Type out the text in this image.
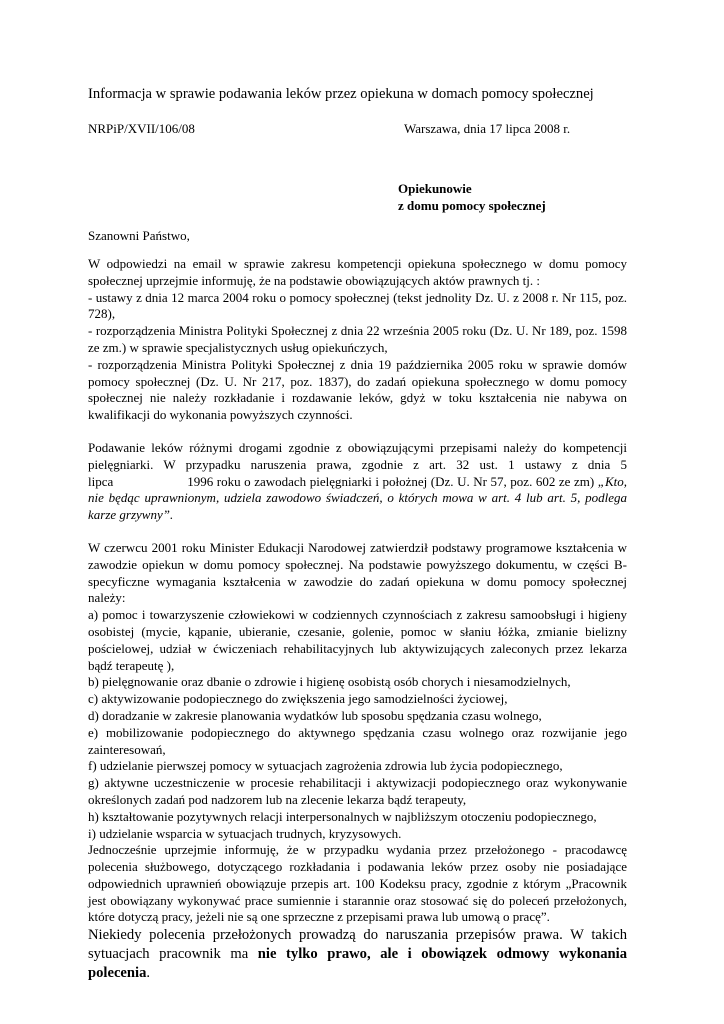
Informacja w sprawie podawania leków przez opiekuna w domach pomocy społecznej
NRPiP/XVII/106/08	Warszawa, dnia 17 lipca 2008 r.
Opiekunowie
z domu pomocy społecznej
Szanowni Państwo,

W odpowiedzi na email w sprawie zakresu kompetencji opiekuna społecznego w domu pomocy społecznej uprzejmie informuję, że na podstawie obowiązujących aktów prawnych tj. :
- ustawy z dnia 12 marca 2004 roku o pomocy społecznej (tekst jednolity Dz. U. z 2008 r. Nr 115, poz. 728),
- rozporządzenia Ministra Polityki Społecznej z dnia 22 września 2005 roku (Dz. U. Nr 189, poz. 1598 ze zm.) w sprawie specjalistycznych usług opiekuńczych,
- rozporządzenia Ministra Polityki Społecznej z dnia 19 października 2005 roku w sprawie domów pomocy społecznej (Dz. U. Nr 217, poz. 1837), do zadań opiekuna społecznego w domu pomocy społecznej nie należy rozkładanie i rozdawanie leków, gdyż w toku kształcenia nie nabywa on kwalifikacji do wykonania powyższych czynności.

Podawanie leków różnymi drogami zgodnie z obowiązującymi przepisami należy do kompetencji
pielęgniarki. W przypadku naruszenia prawa, zgodnie z art. 32 ust. 1 ustawy z dnia 5
lipca	1996 roku o zawodach pielęgniarki i położnej (Dz. U. Nr 57, poz. 602 ze zm) „Kto, nie będąc uprawnionym, udziela zawodowo świadczeń, o których mowa w art. 4 lub art. 5, podlega karze grzywny”.

W czerwcu 2001 roku Minister Edukacji Narodowej zatwierdził podstawy programowe kształcenia w zawodzie opiekun w domu pomocy społecznej. Na podstawie powyższego dokumentu, w części B-specyficzne wymagania kształcenia w zawodzie do zadań opiekuna w domu pomocy społecznej należy:
a) pomoc i towarzyszenie człowiekowi w codziennych czynnościach z zakresu samoobsługi i higieny osobistej (mycie, kąpanie, ubieranie, czesanie, golenie, pomoc w słaniu łóżka, zmianie bielizny pościelowej, udział w ćwiczeniach rehabilitacyjnych lub aktywizujących zaleconych przez lekarza bądź terapeutę ),
b) pielęgnowanie oraz dbanie o zdrowie i higienę osobistą osób chorych i niesamodzielnych,
c) aktywizowanie podopiecznego do zwiększenia jego samodzielności życiowej,
d) doradzanie w zakresie planowania wydatków lub sposobu spędzania czasu wolnego,
e) mobilizowanie podopiecznego do aktywnego spędzania czasu wolnego oraz rozwijanie jego zainteresowań,
f) udzielanie pierwszej pomocy w sytuacjach zagrożenia zdrowia lub życia podopiecznego,
g) aktywne uczestniczenie w procesie rehabilitacji i aktywizacji podopiecznego oraz wykonywanie określonych zadań pod nadzorem lub na zlecenie lekarza bądź terapeuty,
h) kształtowanie pozytywnych relacji interpersonalnych w najbliższym otoczeniu podopiecznego,
i) udzielanie wsparcia w sytuacjach trudnych, kryzysowych.
Jednocześnie uprzejmie informuję, że w przypadku wydania przez przełożonego - pracodawcę polecenia służbowego, dotyczącego rozkładania i podawania leków przez osoby nie posiadające odpowiednich uprawnień obowiązuje przepis art. 100 Kodeksu pracy, zgodnie z którym „Pracownik jest obowiązany wykonywać prace sumiennie i starannie oraz stosować się do poleceń przełożonych, które dotyczą pracy, jeżeli nie są one sprzeczne z przepisami prawa lub umową o pracę”.

Niekiedy polecenia przełożonych prowadzą do naruszania przepisów prawa. W takich sytuacjach pracownik ma nie tylko prawo, ale i obowiązek odmowy wykonania polecenia.
